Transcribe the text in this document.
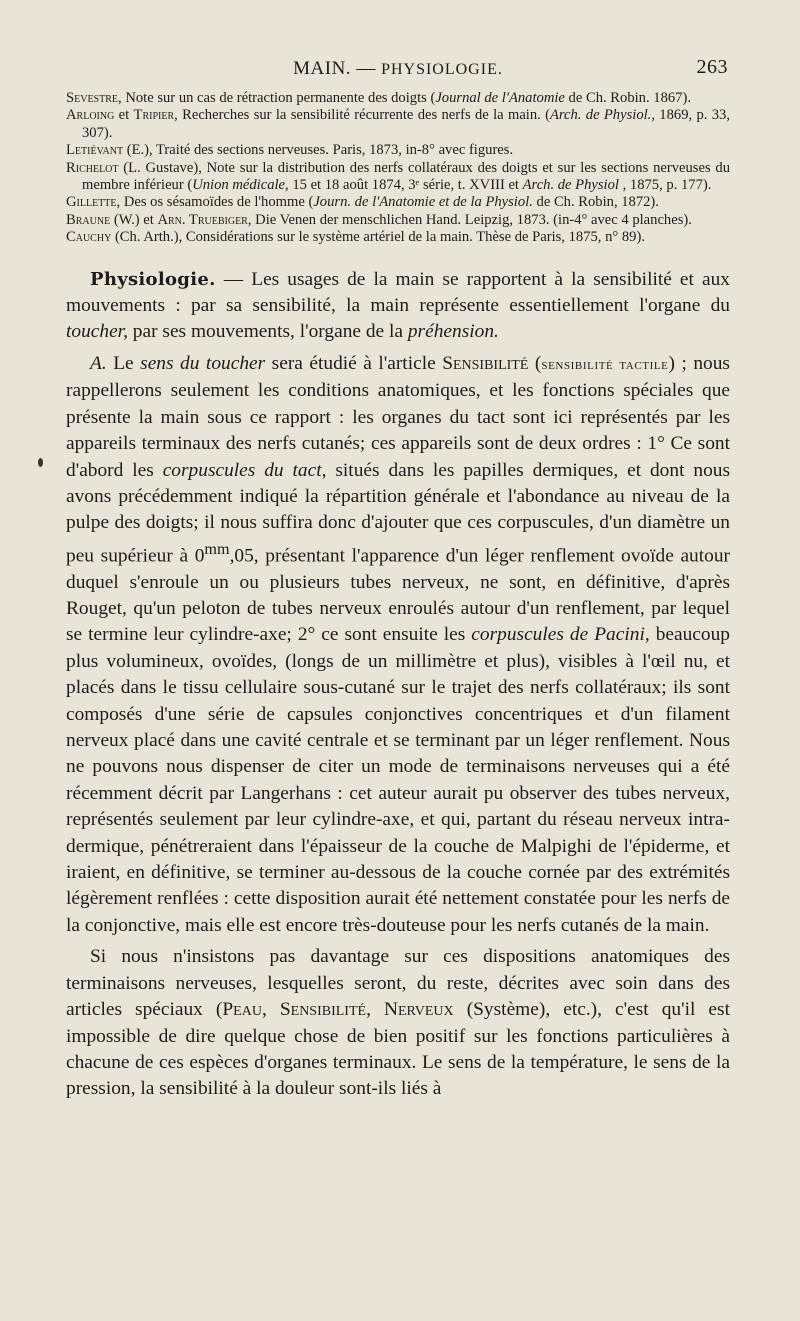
MAIN. — PHYSIOLOGIE.	263
Sevestre, Note sur un cas de rétraction permanente des doigts (Journal de l'Anatomie de Ch. Robin. 1867).
Arloing et Tripier, Recherches sur la sensibilité récurrente des nerfs de la main. (Arch. de Physiol., 1869, p. 33, 307).
Letiévant (E.), Traité des sections nerveuses. Paris, 1873, in-8° avec figures.
Richelot (L. Gustave), Note sur la distribution des nerfs collatéraux des doigts et sur les sections nerveuses du membre inférieur (Union médicale, 15 et 18 août 1874, 3ᵉ série, t. XVIII et Arch. de Physiol , 1875, p. 177).
Gillette, Des os sésamoïdes de l'homme (Journ. de l'Anatomie et de la Physiol. de Ch. Robin, 1872).
Braune (W.) et Arn. Truebiger, Die Venen der menschlichen Hand. Leipzig, 1873. (in-4° avec 4 planches).
Cauchy (Ch. Arth.), Considérations sur le système artériel de la main. Thèse de Paris, 1875, n° 89).

Physiologie. — Les usages de la main se rapportent à la sensibilité et aux mouvements : par sa sensibilité, la main représente essentiellement l'organe du toucher, par ses mouvements, l'organe de la préhension.

A. Le sens du toucher sera étudié à l'article Sensibilité (sensibilité tactile) ; nous rappellerons seulement les conditions anatomiques, et les fonctions spéciales que présente la main sous ce rapport : les organes du tact sont ici représentés par les appareils terminaux des nerfs cutanés; ces appareils sont de deux ordres : 1° Ce sont d'abord les corpuscules du tact, situés dans les papilles dermiques, et dont nous avons précédemment indiqué la répartition générale et l'abondance au niveau de la pulpe des doigts; il nous suffira donc d'ajouter que ces corpuscules, d'un diamètre un peu supérieur à $0^{mm},05$, présentant l'apparence d'un léger renflement ovoïde autour duquel s'enroule un ou plusieurs tubes nerveux, ne sont, en définitive, d'après Rouget, qu'un peloton de tubes nerveux enroulés autour d'un renflement, par lequel se termine leur cylindre-axe; 2° ce sont ensuite les corpuscules de Pacini, beaucoup plus volumineux, ovoïdes, (longs de un millimètre et plus), visibles à l'œil nu, et placés dans le tissu cellulaire sous-cutané sur le trajet des nerfs collatéraux; ils sont composés d'une série de capsules conjonctives concentriques et d'un filament nerveux placé dans une cavité centrale et se terminant par un léger renflement. Nous ne pouvons nous dispenser de citer un mode de terminaisons nerveuses qui a été récemment décrit par Langerhans : cet auteur aurait pu observer des tubes nerveux, représentés seulement par leur cylindre-axe, et qui, partant du réseau nerveux intra-dermique, pénétreraient dans l'épaisseur de la couche de Malpighi de l'épiderme, et iraient, en définitive, se terminer au-dessous de la couche cornée par des extrémités légèrement renflées : cette disposition aurait été nettement constatée pour les nerfs de la conjonctive, mais elle est encore très-douteuse pour les nerfs cutanés de la main.

Si nous n'insistons pas davantage sur ces dispositions anatomiques des terminaisons nerveuses, lesquelles seront, du reste, décrites avec soin dans des articles spéciaux (Peau, Sensibilité, Nerveux (Système), etc.), c'est qu'il est impossible de dire quelque chose de bien positif sur les fonctions particulières à chacune de ces espèces d'organes terminaux. Le sens de la température, le sens de la pression, la sensibilité à la douleur sont-ils liés à
